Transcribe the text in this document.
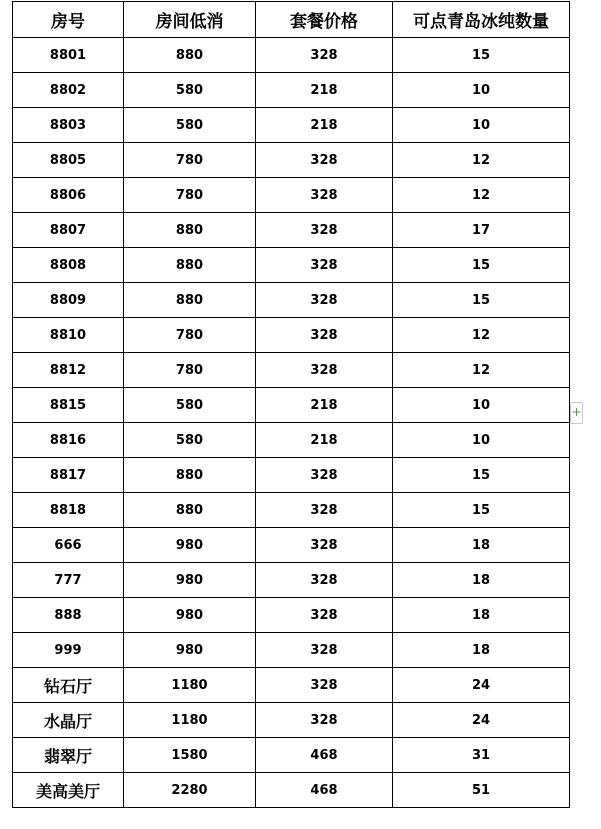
房号	房间低消	套餐价格	可点青岛冰纯数量
8801	880	328	15
8802	580	218	10
8803	580	218	10
8805	780	328	12
8806	780	328	12
8807	880	328	17
8808	880	328	15
8809	880	328	15
8810	780	328	12
8812	780	328	12
8815	580	218	10
8816	580	218	10
8817	880	328	15
8818	880	328	15
666	980	328	18
777	980	328	18
888	980	328	18
999	980	328	18
钻石厅	1180	328	24
水晶厅	1180	328	24
翡翠厅	1580	468	31
美高美厅	2280	468	51
+
